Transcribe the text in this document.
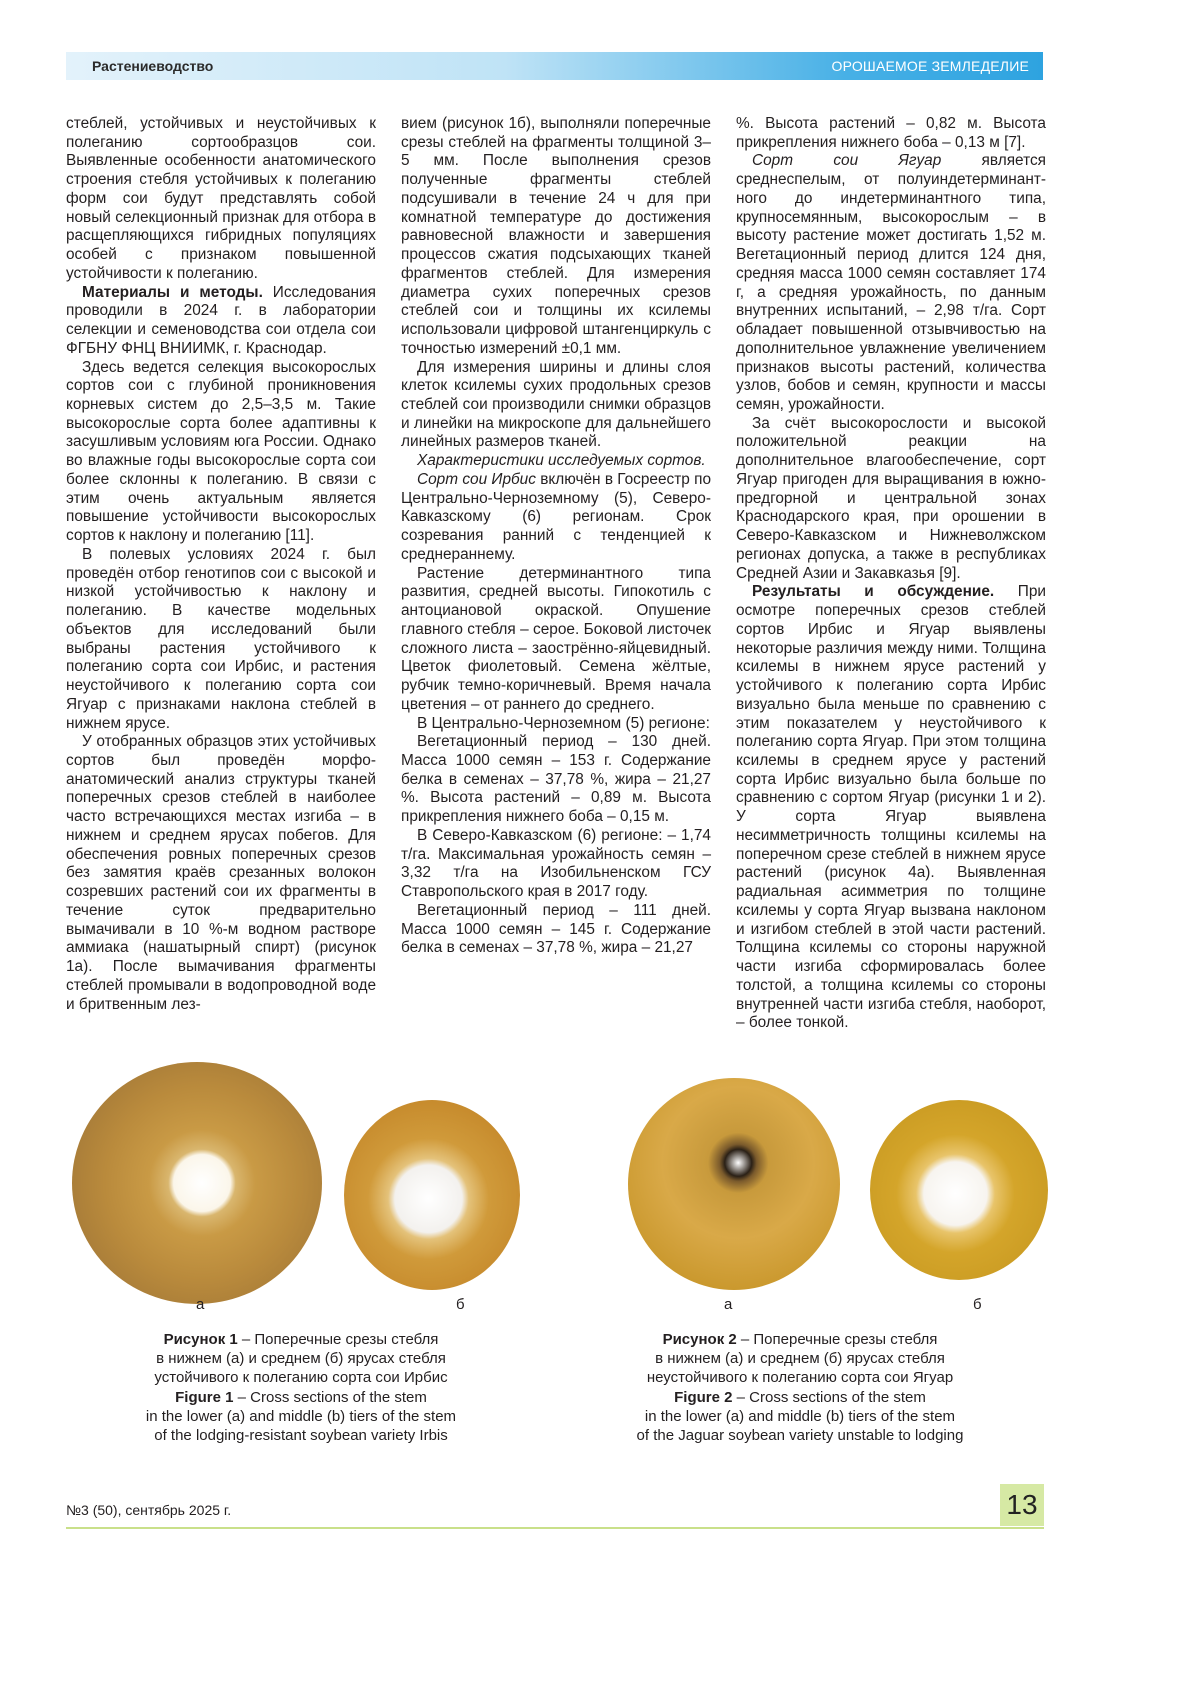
Растениеводство	ОРОШАЕМОЕ ЗЕМЛЕДЕЛИЕ

стеблей, устойчивых и неустойчивых к полеганию сортообразцов сои. Выявленные особенности анатомического строения стебля устойчивых к полеганию форм сои будут представлять собой новый селекционный признак для отбора в расщепляющихся гибридных популяциях особей с признаком повышенной устойчивости к полеганию.

Материалы и методы. Исследования проводили в 2024 г. в лаборатории селекции и семеноводства сои отдела сои ФГБНУ ФНЦ ВНИИМК, г. Краснодар.

Здесь ведется селекция высокорослых сортов сои с глубиной проникновения корневых систем до 2,5–3,5 м. Такие высокорослые сорта более адаптивны к засушливым условиям юга России. Однако во влажные годы высокорослые сорта сои более склонны к полеганию. В связи с этим очень актуальным является повышение устойчивости высокорослых сортов к наклону и полеганию [11].

В полевых условиях 2024 г. был проведён отбор генотипов сои с высокой и низкой устойчивостью к наклону и полеганию. В качестве модельных объектов для исследований были выбраны растения устойчивого к полеганию сорта сои Ирбис, и растения неустойчивого к полеганию сорта сои Ягуар с признаками наклона стеблей в нижнем ярусе.

У отобранных образцов этих устойчивых сортов был проведён морфо-анатомический анализ структуры тканей поперечных срезов стеблей в наиболее часто встречающихся местах изгиба – в нижнем и среднем ярусах побегов. Для обеспечения ровных поперечных срезов без замятия краёв срезанных волокон созревших растений сои их фрагменты в течение суток предварительно вымачивали в 10 %-м водном растворе аммиака (нашатырный спирт) (рисунок 1а). После вымачивания фрагменты стеблей промывали в водопроводной воде и бритвенным лез-

вием (рисунок 1б), выполняли поперечные срезы стеблей на фрагменты толщиной 3–5 мм. После выполнения срезов полученные фрагменты стеблей подсушивали в течение 24 ч для при комнатной температуре до достижения равновесной влажности и завершения процессов сжатия подсыхающих тканей фрагментов стеблей. Для измерения диаметра сухих поперечных срезов стеблей сои и толщины их ксилемы использовали цифровой штангенциркуль с точностью измерений ±0,1 мм.

Для измерения ширины и длины слоя клеток ксилемы сухих продольных срезов стеблей сои производили снимки образцов и линейки на микроскопе для дальнейшего линейных размеров тканей.

Характеристики исследуемых сортов.

Сорт сои Ирбис включён в Госреестр по Центрально-Черноземному (5), Северо-Кавказскому (6) регионам. Срок созревания ранний с тенденцией к среднераннему.

Растение детерминантного типа развития, средней высоты. Гипокотиль с антоциановой окраской. Опушение главного стебля – серое. Боковой листочек сложного листа – заострённо-яйцевидный. Цветок фиолетовый. Семена жёлтые, рубчик темно-коричневый. Время начала цветения – от раннего до среднего.

В Центрально-Черноземном (5) регионе:

Вегетационный период – 130 дней. Масса 1000 семян – 153 г. Содержание белка в семенах – 37,78 %, жира – 21,27 %. Высота растений – 0,89 м. Высота прикрепления нижнего боба – 0,15 м.

В Северо-Кавказском (6) регионе: – 1,74 т/га. Максимальная урожайность семян – 3,32 т/га на Изобильненском ГСУ Ставропольского края в 2017 году.

Вегетационный период – 111 дней. Масса 1000 семян – 145 г. Содержание белка в семенах – 37,78 %, жира – 21,27

%. Высота растений – 0,82 м. Высота прикрепления нижнего боба – 0,13 м [7].

Сорт сои Ягуар является среднеспелым, от полуиндетерминант-ного до индетерминантного типа, крупносемянным, высокорослым – в высоту растение может достигать 1,52 м. Вегетационный период длится 124 дня, средняя масса 1000 семян составляет 174 г, а средняя урожайность, по данным внутренних испытаний, – 2,98 т/га. Сорт обладает повышенной отзывчивостью на дополнительное увлажнение увеличением признаков высоты растений, количества узлов, бобов и семян, крупности и массы семян, урожайности.

За счёт высокорослости и высокой положительной реакции на дополнительное влагообеспечение, сорт Ягуар пригоден для выращивания в южно-предгорной и центральной зонах Краснодарского края, при орошении в Северо-Кавказском и Нижневолжском регионах допуска, а также в республиках Средней Азии и Закавказья [9].

Результаты и обсуждение. При осмотре поперечных срезов стеблей сортов Ирбис и Ягуар выявлены некоторые различия между ними. Толщина ксилемы в нижнем ярусе растений у устойчивого к полеганию сорта Ирбис визуально была меньше по сравнению с этим показателем у неустойчивого к полеганию сорта Ягуар. При этом толщина ксилемы в среднем ярусе у растений сорта Ирбис визуально была больше по сравнению с сортом Ягуар (рисунки 1 и 2). У сорта Ягуар выявлена несимметричность толщины ксилемы на поперечном срезе стеблей в нижнем ярусе растений (рисунок 4а). Выявленная радиальная асимметрия по толщине ксилемы у сорта Ягуар вызвана наклоном и изгибом стеблей в этой части растений. Толщина ксилемы со стороны наружной части изгиба сформировалась более толстой, а толщина ксилемы со стороны внутренней части изгиба стебля, наоборот, – более тонкой.

а	б	а	б
Рисунок 1 – Поперечные срезы стебля
в нижнем (а) и среднем (б) ярусах стебля
устойчивого к полеганию сорта сои Ирбис
Figure 1 – Cross sections of the stem
in the lower (a) and middle (b) tiers of the stem
of the lodging-resistant soybean variety Irbis
Рисунок 2 – Поперечные срезы стебля
в нижнем (а) и среднем (б) ярусах стебля
неустойчивого к полеганию сорта сои Ягуар
Figure 2 – Cross sections of the stem
in the lower (a) and middle (b) tiers of the stem
of the Jaguar soybean variety unstable to lodging
№3 (50), сентябрь 2025 г.	13
